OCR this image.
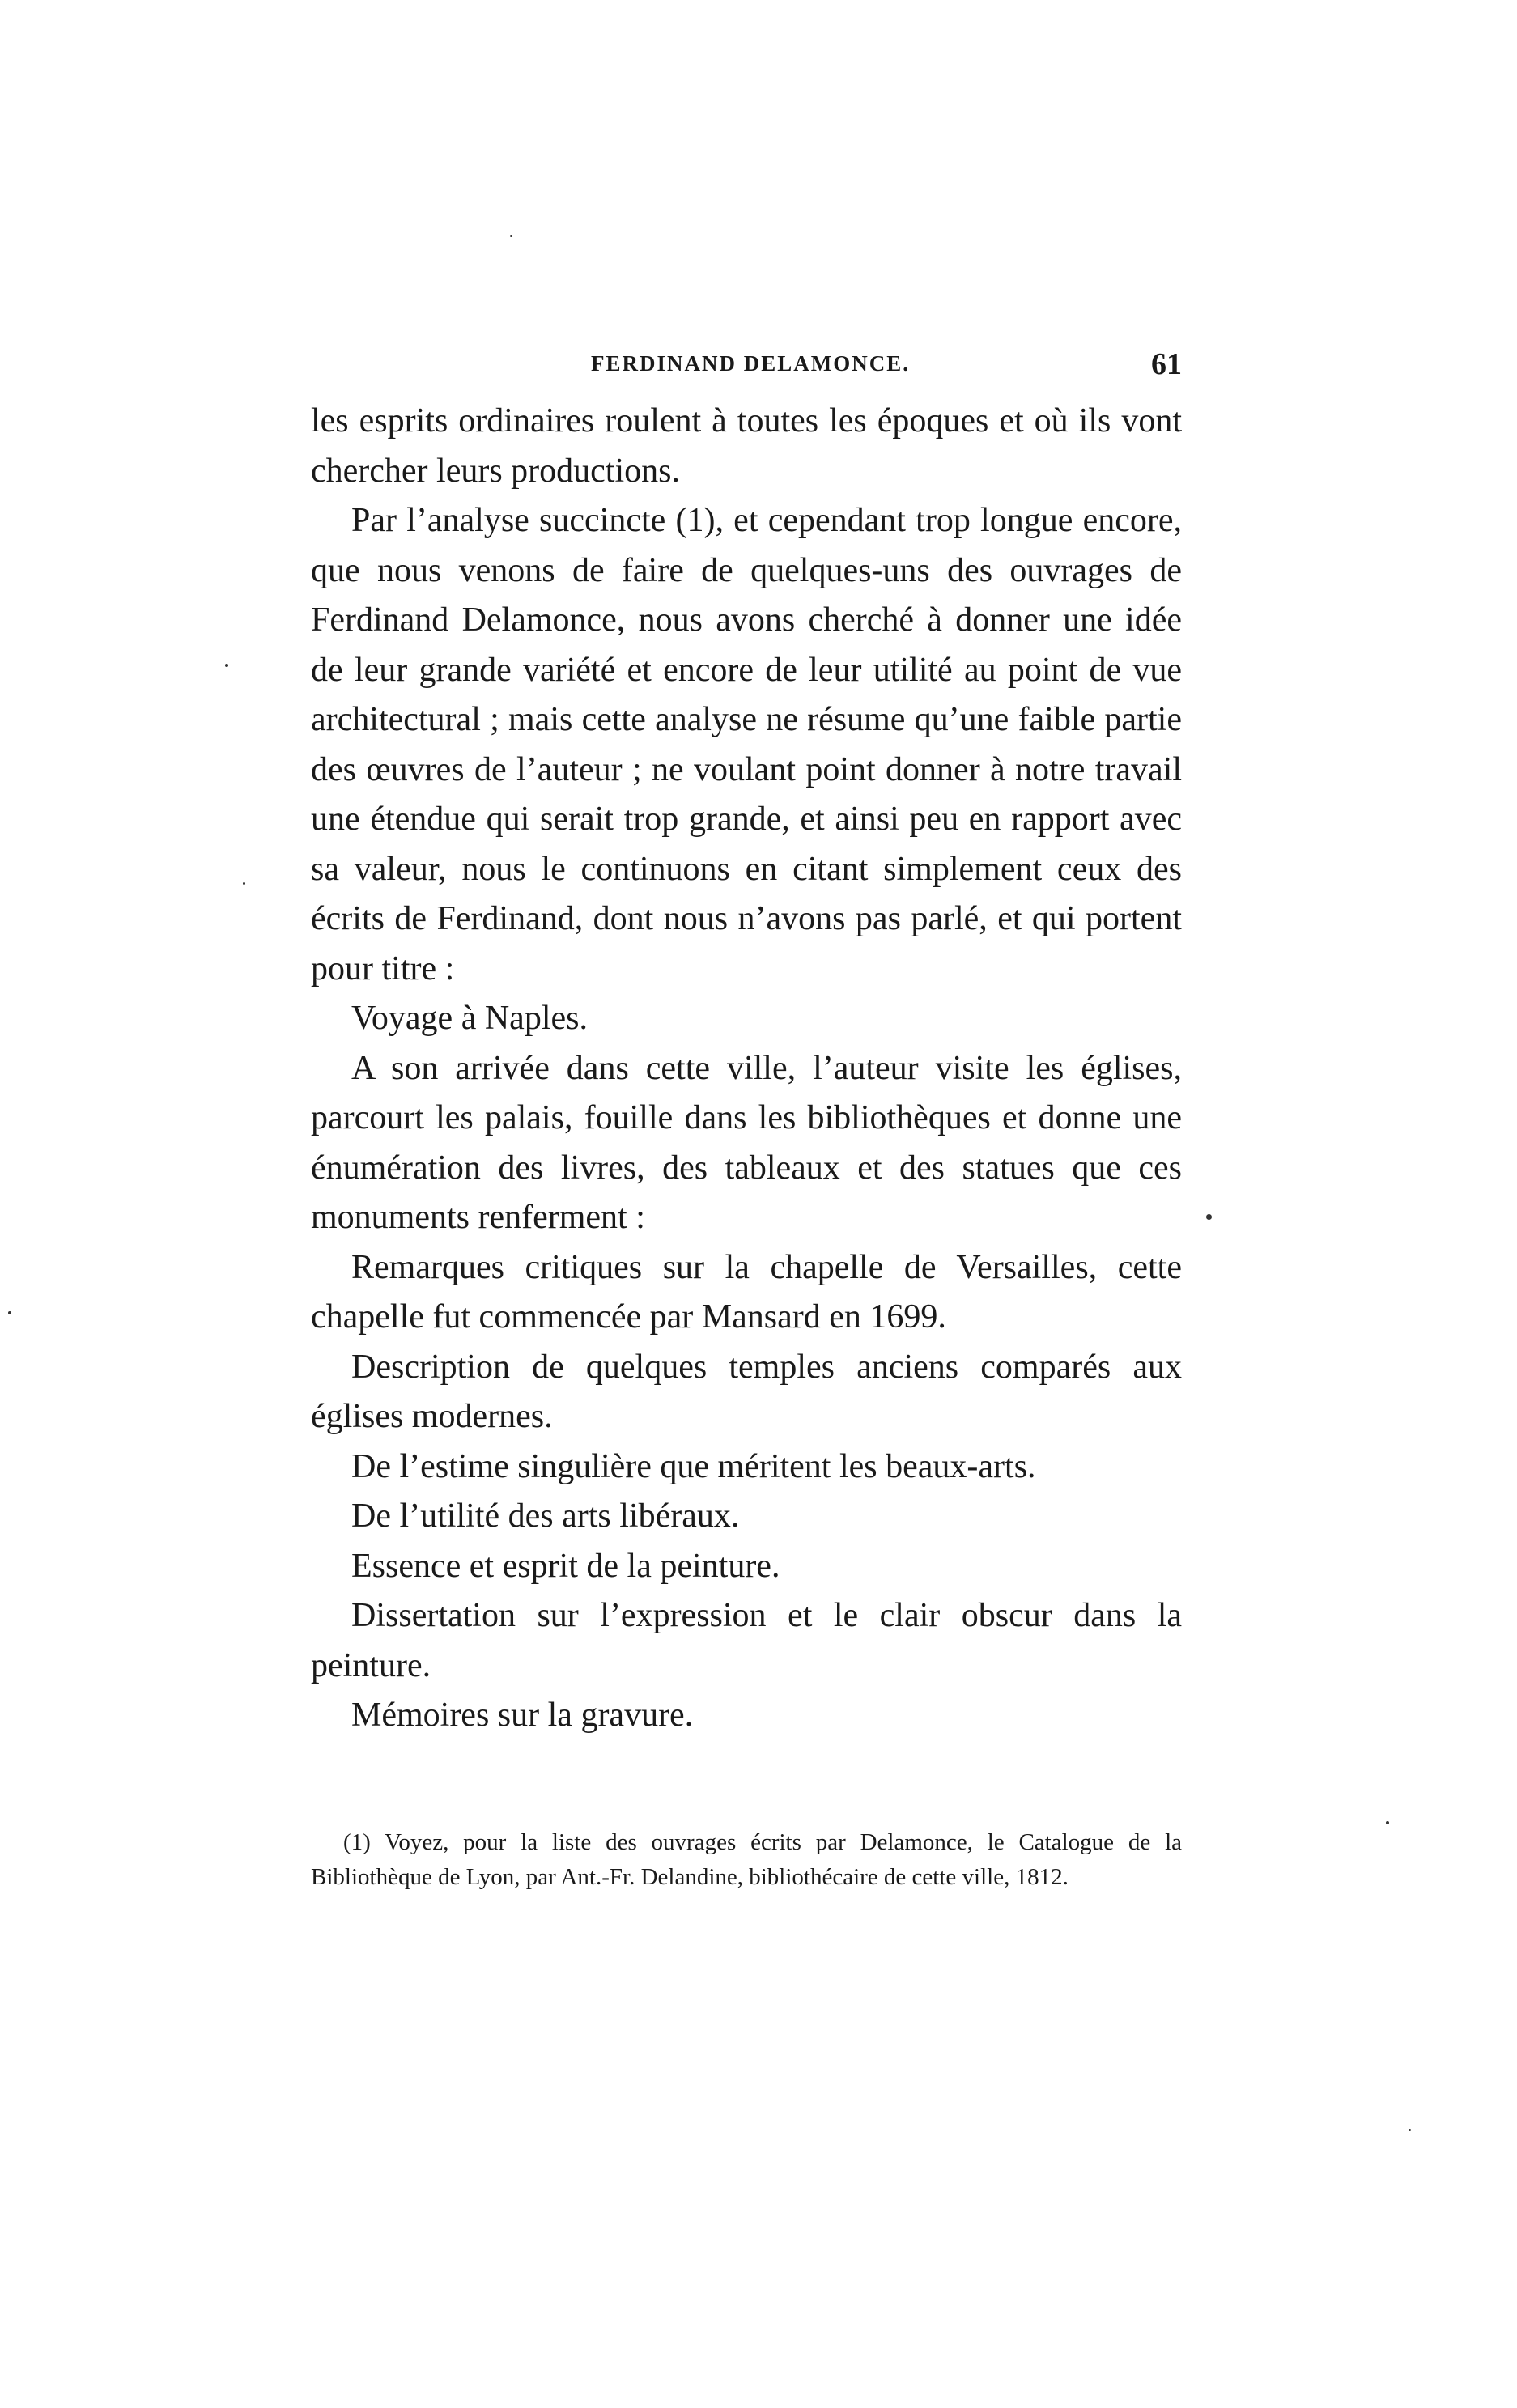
FERDINAND DELAMONCE.	61

les esprits ordinaires roulent à toutes les époques et où ils vont chercher leurs productions.

Par l’analyse succincte (1), et cependant trop longue encore, que nous venons de faire de quelques-uns des ouvrages de Ferdinand Delamonce, nous avons cherché à donner une idée de leur grande variété et encore de leur utilité au point de vue architectural ; mais cette analyse ne résume qu’une faible partie des œuvres de l’auteur ; ne voulant point donner à notre travail une étendue qui serait trop grande, et ainsi peu en rapport avec sa valeur, nous le continuons en citant simplement ceux des écrits de Ferdinand, dont nous n’avons pas parlé, et qui portent pour titre :

Voyage à Naples.

A son arrivée dans cette ville, l’auteur visite les églises, parcourt les palais, fouille dans les bibliothèques et donne une énumération des livres, des tableaux et des statues que ces monuments renferment :

Remarques critiques sur la chapelle de Versailles, cette chapelle fut commencée par Mansard en 1699.

Description de quelques temples anciens comparés aux églises modernes.

De l’estime singulière que méritent les beaux-arts.

De l’utilité des arts libéraux.

Essence et esprit de la peinture.

Dissertation sur l’expression et le clair obscur dans la peinture.

Mémoires sur la gravure.

(1) Voyez, pour la liste des ouvrages écrits par Delamonce, le Catalogue de la Bibliothèque de Lyon, par Ant.-Fr. Delandine, bibliothécaire de cette ville, 1812.
